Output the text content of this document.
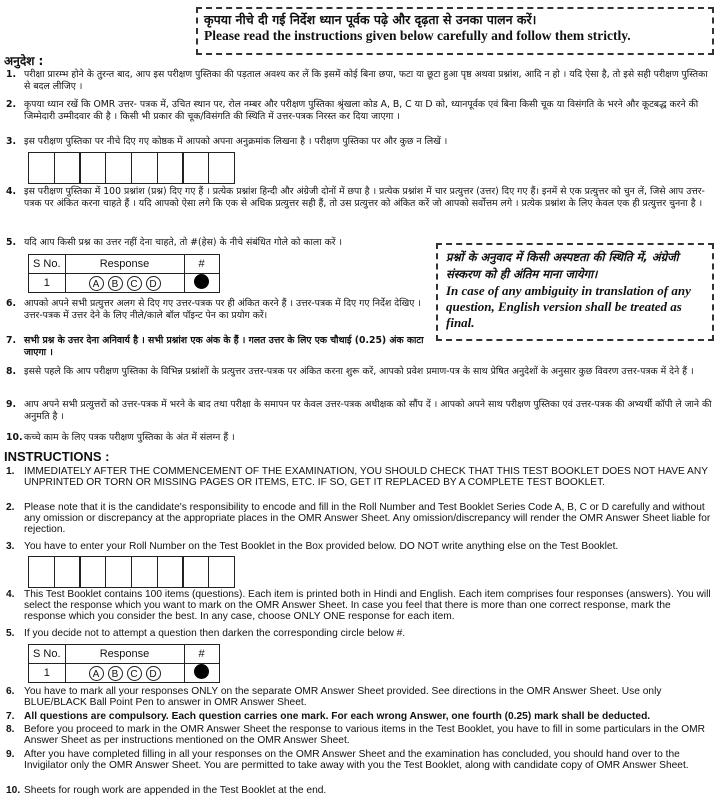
कृपया नीचे दी गई निर्देश ध्यान पूर्वक पढ़े और दृढ़ता से उनका पालन करें।
Please read the instructions given below carefully and follow them strictly.
अनुदेश :
1. परीक्षा प्रारम्भ होने के तुरन्त बाद, आप इस परीक्षण पुस्तिका की पड़ताल अवश्य कर लें कि इसमें कोई बिना छपा, फटा या छूटा हुआ पृष्ठ अथवा प्रश्नांश, आदि न हो । यदि ऐसा है, तो इसे सही परीक्षण पुस्तिका से बदल लीजिए ।
2. कृपया ध्यान रखें कि OMR उत्तर- पत्रक में, उचित स्थान पर, रोल नम्बर और परीक्षण पुस्तिका श्रृंखला कोड A, B, C या D को, ध्यानपूर्वक एवं बिना किसी चूक या विसंगति के भरने और कूटबद्ध करने की जिम्मेदारी उम्मीदवार की है । किसी भी प्रकार की चूक/विसंगति की स्थिति में उत्तर-पत्रक निरस्त कर दिया जाएगा ।
3. इस परीक्षण पुस्तिका पर नीचे दिए गए कोष्ठक में आपको अपना अनुक्रमांक लिखना है । परीक्षण पुस्तिका पर और कुछ न लिखें ।
4. इस परीक्षण पुस्तिका में 100 प्रश्नांश (प्रश्न) दिए गए हैं । प्रत्येक प्रश्नांश हिन्दी और अंग्रेजी दोनों में छपा है । प्रत्येक प्रश्नांश में चार प्रत्युत्तर (उत्तर) दिए गए हैं। इनमें से एक प्रत्युत्तर को चुन लें, जिसे आप उत्तर-पत्रक पर अंकित करना चाहते हैं । यदि आपको ऐसा लगे कि एक से अधिक प्रत्युत्तर सही हैं, तो उस प्रत्युत्तर को अंकित करें जो आपको सर्वोत्तम लगे । प्रत्येक प्रश्नांश के लिए केवल एक ही प्रत्युत्तर चुनना है ।
5. यदि आप किसी प्रश्न का उत्तर नहीं देना चाहते, तो #(हेस) के नीचे संबंधित गोले को काला करें ।
S No.	Response	#
1	A B C D	
प्रश्नों के अनुवाद में किसी अस्पष्टता की स्थिति में, अंग्रेजी संस्करण को ही अंतिम माना जायेगा।
In case of any ambiguity in translation of any question, English version shall be treated as final.
6. आपको अपने सभी प्रत्युत्तर अलग से दिए गए उत्तर-पत्रक पर ही अंकित करने हैं । उत्तर-पत्रक में दिए गए निर्देश देखिए । उत्तर-पत्रक में उत्तर देने के लिए नीले/काले बॉल पॉइन्ट पेन का प्रयोग करें।
7. सभी प्रश्न के उत्तर देना अनिवार्य है । सभी प्रश्नांश एक अंक के हैं । गलत उत्तर के लिए एक चौथाई (0.25) अंक काटा जाएगा ।
8. इससे पहले कि आप परीक्षण पुस्तिका के विभिन्न प्रश्नांशों के प्रत्युत्तर उत्तर-पत्रक पर अंकित करना शुरू करें, आपको प्रवेश प्रमाण-पत्र के साथ प्रेषित अनुदेशों के अनुसार कुछ विवरण उत्तर-पत्रक में देने हैं ।
9. आप अपने सभी प्रत्युत्तरों को उत्तर-पत्रक में भरने के बाद तथा परीक्षा के समापन पर केवल उत्तर-पत्रक अधीक्षक को सौंप दें । आपको अपने साथ परीक्षण पुस्तिका एवं उत्तर-पत्रक की अभ्यर्थी कॉपी ले जाने की अनुमति है ।
10. कच्चे काम के लिए पत्रक परीक्षण पुस्तिका के अंत में संलग्न हैं ।
INSTRUCTIONS :
1. IMMEDIATELY AFTER THE COMMENCEMENT OF THE EXAMINATION, YOU SHOULD CHECK THAT THIS TEST BOOKLET DOES NOT HAVE ANY UNPRINTED OR TORN OR MISSING PAGES OR ITEMS, ETC. IF SO, GET IT REPLACED BY A COMPLETE TEST BOOKLET.
2. Please note that it is the candidate's responsibility to encode and fill in the Roll Number and Test Booklet Series Code A, B, C or D carefully and without any omission or discrepancy at the appropriate places in the OMR Answer Sheet. Any omission/discrepancy will render the OMR Answer Sheet liable for rejection.
3. You have to enter your Roll Number on the Test Booklet in the Box provided below. DO NOT write anything else on the Test Booklet.
4. This Test Booklet contains 100 items (questions). Each item is printed both in Hindi and English. Each item comprises four responses (answers). You will select the response which you want to mark on the OMR Answer Sheet. In case you feel that there is more than one correct response, mark the response which you consider the best. In any case, choose ONLY ONE response for each item.
5. If you decide not to attempt a question then darken the corresponding circle below #.
S No.	Response	#
1	A B C D	
6. You have to mark all your responses ONLY on the separate OMR Answer Sheet provided. See directions in the OMR Answer Sheet. Use only BLUE/BLACK Ball Point Pen to answer in OMR Answer Sheet.
7. All questions are compulsory. Each question carries one mark. For each wrong Answer, one fourth (0.25) mark shall be deducted.
8. Before you proceed to mark in the OMR Answer Sheet the response to various items in the Test Booklet, you have to fill in some particulars in the OMR Answer Sheet as per instructions mentioned on the OMR Answer Sheet.
9. After you have completed filling in all your responses on the OMR Answer Sheet and the examination has concluded, you should hand over to the Invigilator only the OMR Answer Sheet. You are permitted to take away with you the Test Booklet, along with candidate copy of OMR Answer Sheet.
10. Sheets for rough work are appended in the Test Booklet at the end.
